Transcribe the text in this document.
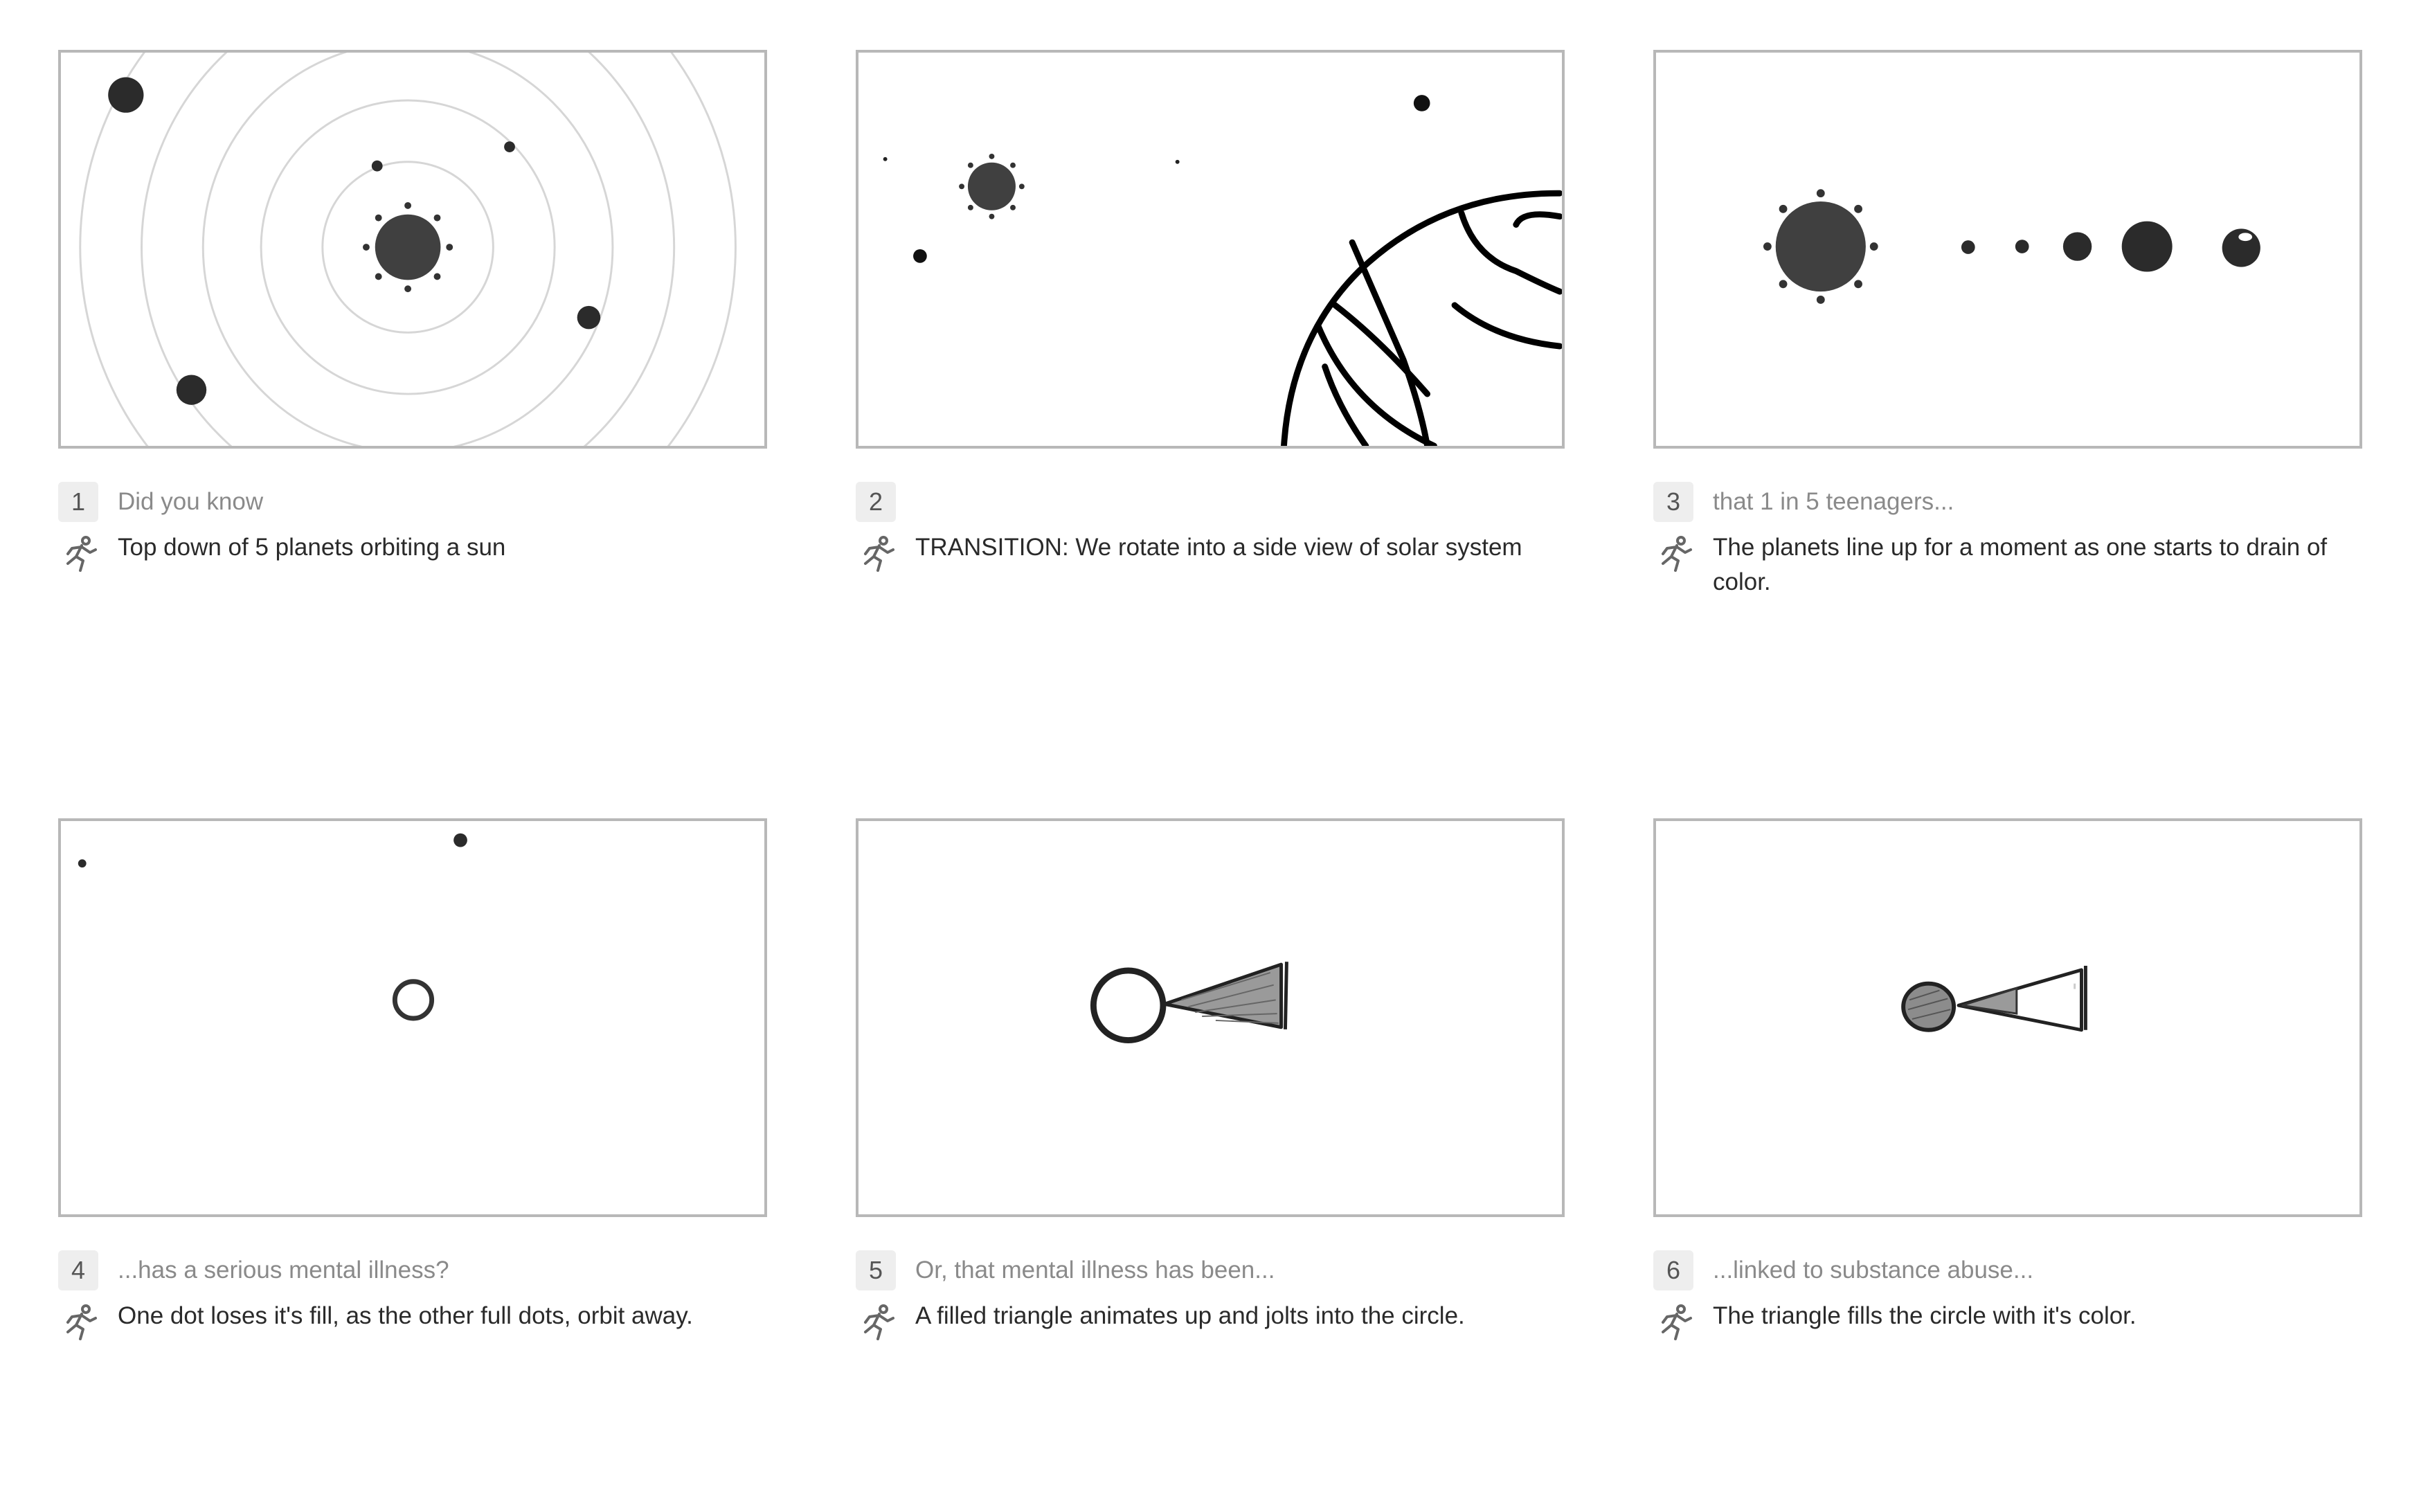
1	Did you know
Top down of 5 planets orbiting a sun
2
TRANSITION: We rotate into a side view of solar system
3	that 1 in 5 teenagers...
The planets line up for a moment as one starts to drain of color.
4	...has a serious mental illness?
One dot loses it's fill, as the other full dots, orbit away.
5	Or, that mental illness has been...
A filled triangle animates up and jolts into the circle.
6	...linked to substance abuse...
The triangle fills the circle with it's color.
